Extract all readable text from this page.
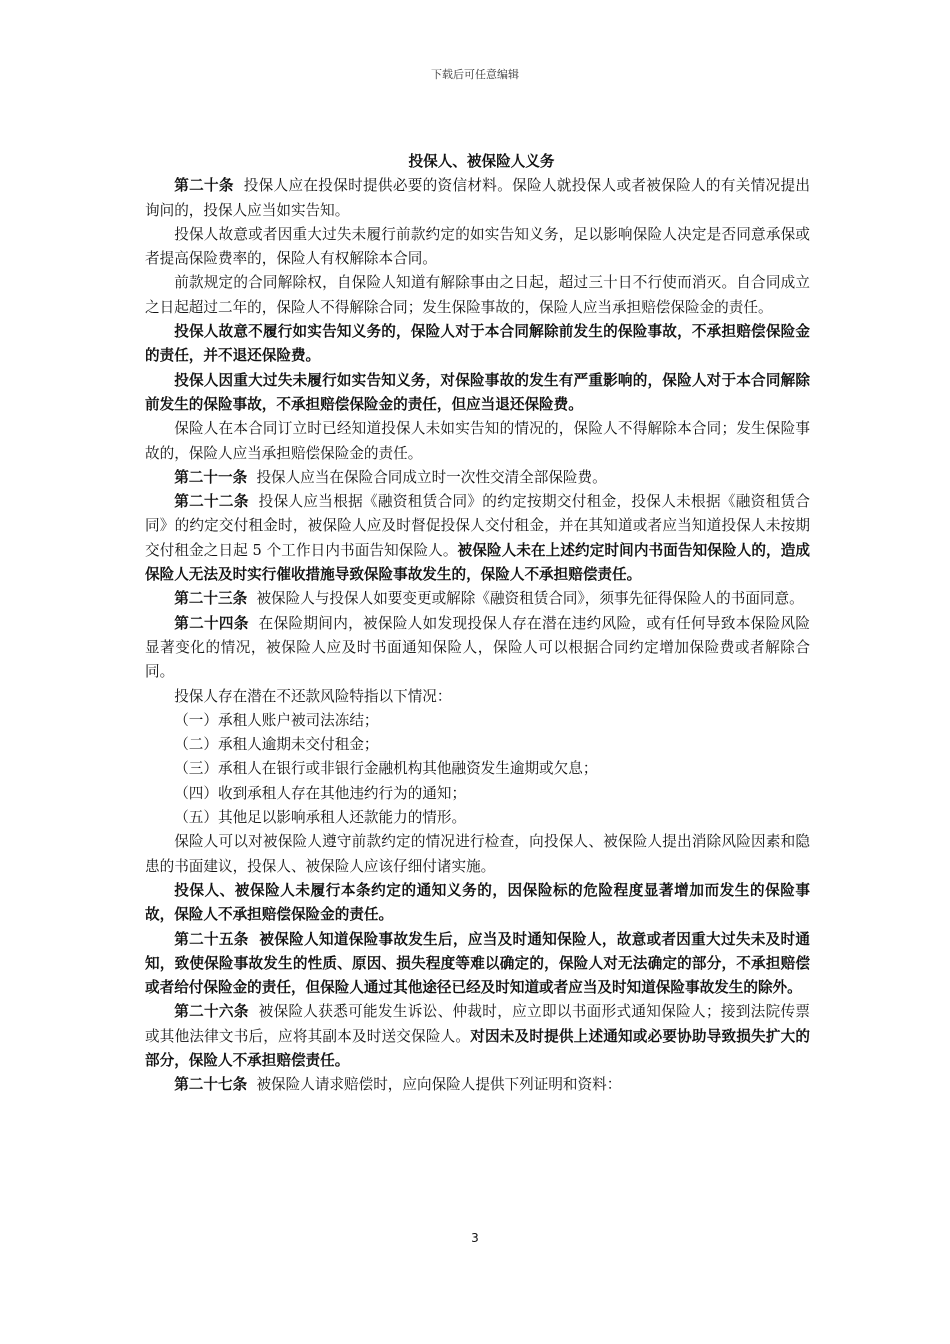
下载后可任意编辑
投保人、被保险人义务

第二十条  投保人应在投保时提供必要的资信材料。保险人就投保人或者被保险人的有关情况提出询问的，投保人应当如实告知。

投保人故意或者因重大过失未履行前款约定的如实告知义务，足以影响保险人决定是否同意承保或者提高保险费率的，保险人有权解除本合同。

前款规定的合同解除权，自保险人知道有解除事由之日起，超过三十日不行使而消灭。自合同成立之日起超过二年的，保险人不得解除合同；发生保险事故的，保险人应当承担赔偿保险金的责任。

投保人故意不履行如实告知义务的，保险人对于本合同解除前发生的保险事故，不承担赔偿保险金的责任，并不退还保险费。

投保人因重大过失未履行如实告知义务，对保险事故的发生有严重影响的，保险人对于本合同解除前发生的保险事故，不承担赔偿保险金的责任，但应当退还保险费。

保险人在本合同订立时已经知道投保人未如实告知的情况的，保险人不得解除本合同；发生保险事故的，保险人应当承担赔偿保险金的责任。

第二十一条  投保人应当在保险合同成立时一次性交清全部保险费。

第二十二条  投保人应当根据《融资租赁合同》的约定按期交付租金，投保人未根据《融资租赁合同》的约定交付租金时，被保险人应及时督促投保人交付租金，并在其知道或者应当知道投保人未按期交付租金之日起 5 个工作日内书面告知保险人。被保险人未在上述约定时间内书面告知保险人的，造成保险人无法及时实行催收措施导致保险事故发生的，保险人不承担赔偿责任。

第二十三条  被保险人与投保人如要变更或解除《融资租赁合同》，须事先征得保险人的书面同意。

第二十四条  在保险期间内，被保险人如发现投保人存在潜在违约风险，或有任何导致本保险风险显著变化的情况，被保险人应及时书面通知保险人，保险人可以根据合同约定增加保险费或者解除合同。

投保人存在潜在不还款风险特指以下情况：

（一）承租人账户被司法冻结；

（二）承租人逾期未交付租金；

（三）承租人在银行或非银行金融机构其他融资发生逾期或欠息；

（四）收到承租人存在其他违约行为的通知；

（五）其他足以影响承租人还款能力的情形。

保险人可以对被保险人遵守前款约定的情况进行检查，向投保人、被保险人提出消除风险因素和隐患的书面建议，投保人、被保险人应该仔细付诸实施。

投保人、被保险人未履行本条约定的通知义务的，因保险标的危险程度显著增加而发生的保险事故，保险人不承担赔偿保险金的责任。

第二十五条  被保险人知道保险事故发生后，应当及时通知保险人，故意或者因重大过失未及时通知，致使保险事故发生的性质、原因、损失程度等难以确定的，保险人对无法确定的部分，不承担赔偿或者给付保险金的责任，但保险人通过其他途径已经及时知道或者应当及时知道保险事故发生的除外。

第二十六条  被保险人获悉可能发生诉讼、仲裁时，应立即以书面形式通知保险人；接到法院传票或其他法律文书后，应将其副本及时送交保险人。对因未及时提供上述通知或必要协助导致损失扩大的部分，保险人不承担赔偿责任。

第二十七条  被保险人请求赔偿时，应向保险人提供下列证明和资料：

3
